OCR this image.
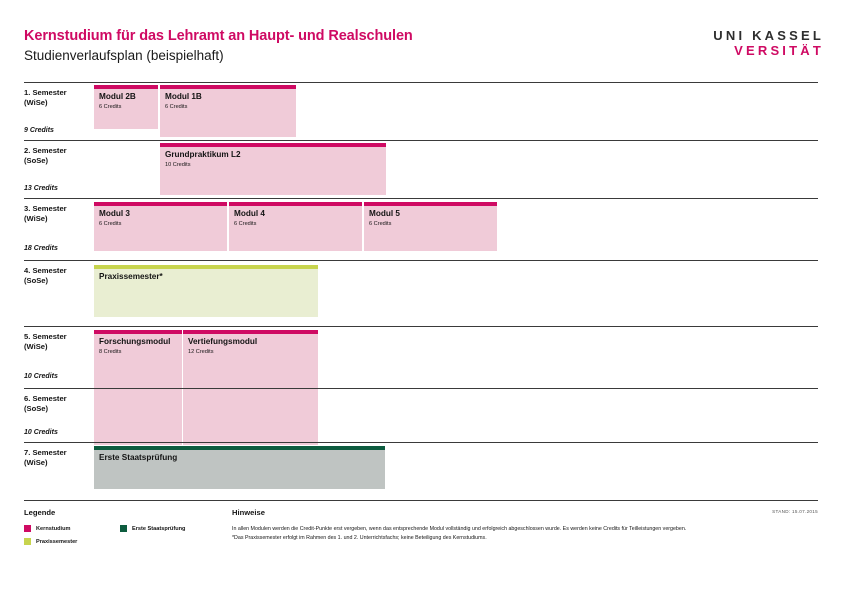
Kernstudium für das Lehramt an Haupt- und Realschulen
Studienverlaufsplan (beispielhaft)
UNI KASSEL
VERSITÄT
1. Semester
(WiSe)
9 Credits
Modul 2B
6 Credits
Modul 1B
6 Credits
2. Semester
(SoSe)
13 Credits
Grundpraktikum L2
10 Credits
3. Semester
(WiSe)
18 Credits
Modul 3
6 Credits
Modul 4
6 Credits
Modul 5
6 Credits
4. Semester
(SoSe)	Praxissemester*
5. Semester
(WiSe)
10 Credits
Forschungsmodul
8 Credits
Vertiefungsmodul
12 Credits
6. Semester
(SoSe)
10 Credits
7. Semester
(WiSe)
Erste Staatsprüfung
Legende
Kernstudium
Praxissemester
Erste Staatsprüfung
Hinweise	STAND: 15.07.2015
In allen Modulen werden die Credit-Punkte erst vergeben, wenn das entsprechende Modul vollständig und erfolgreich abgeschlossen wurde. Es werden keine Credits für Teilleistungen vergeben.
*Das Praxissemester erfolgt im Rahmen des 1. und 2. Unterrichtsfachs; keine Beteiligung des Kernstudiums.
